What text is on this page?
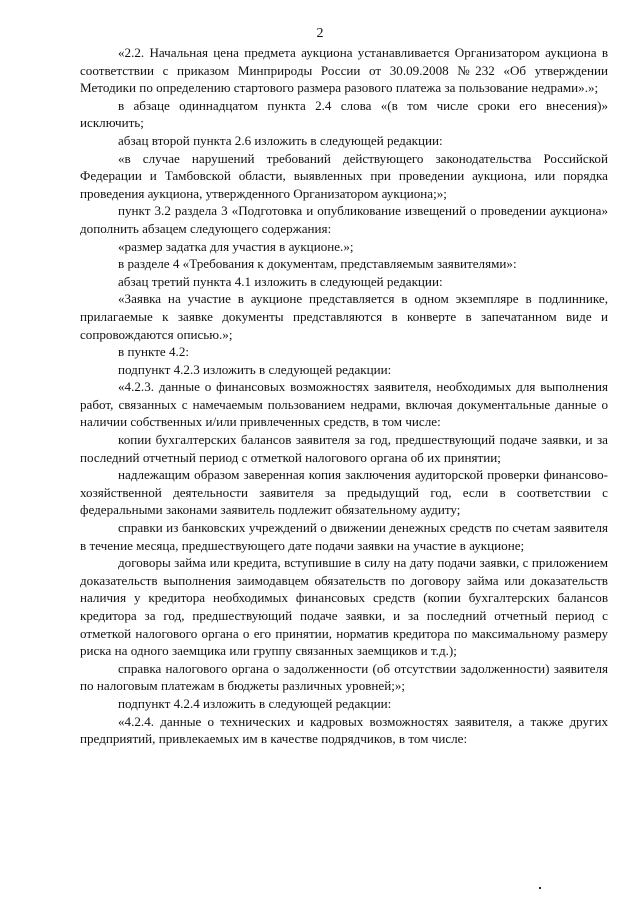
2

«2.2. Начальная цена предмета аукциона устанавливается Организатором аукциона в соответствии с приказом Минприроды России от 30.09.2008 №232 «Об утверждении Методики по определению стартового размера разового платежа за пользование недрами».»;

в абзаце одиннадцатом пункта 2.4 слова «(в том числе сроки его внесения)» исключить;

абзац второй пункта 2.6 изложить в следующей редакции:

«в случае нарушений требований действующего законодательства Российской Федерации и Тамбовской области, выявленных при проведении аукциона, или порядка проведения аукциона, утвержденного Организатором аукциона;»;

пункт 3.2 раздела 3 «Подготовка и опубликование извещений о проведении аукциона» дополнить абзацем следующего содержания:

«размер задатка для участия в аукционе.»;

в разделе 4 «Требования к документам, представляемым заявителями»:

абзац третий пункта 4.1 изложить в следующей редакции:

«Заявка на участие в аукционе представляется в одном экземпляре в подлиннике, прилагаемые к заявке документы представляются в конверте в запечатанном виде и сопровождаются описью.»;

в пункте 4.2:

подпункт 4.2.3 изложить в следующей редакции:

«4.2.3. данные о финансовых возможностях заявителя, необходимых для выполнения работ, связанных с намечаемым пользованием недрами, включая документальные данные о наличии собственных и/или привлеченных средств, в том числе:

копии бухгалтерских балансов заявителя за год, предшествующий подаче заявки, и за последний отчетный период с отметкой налогового органа об их принятии;

надлежащим образом заверенная копия заключения аудиторской проверки финансово-хозяйственной деятельности заявителя за предыдущий год, если в соответствии с федеральными законами заявитель подлежит обязательному аудиту;

справки из банковских учреждений о движении денежных средств по счетам заявителя в течение месяца, предшествующего дате подачи заявки на участие в аукционе;

договоры займа или кредита, вступившие в силу на дату подачи заявки, с приложением доказательств выполнения заимодавцем обязательств по договору займа или доказательств наличия у кредитора необходимых финансовых средств (копии бухгалтерских балансов кредитора за год, предшествующий подаче заявки, и за последний отчетный период с отметкой налогового органа о его принятии, норматив кредитора по максимальному размеру риска на одного заемщика или группу связанных заемщиков и т.д.);

справка налогового органа о задолженности (об отсутствии задолженности) заявителя по налоговым платежам в бюджеты различных уровней;»;

подпункт 4.2.4 изложить в следующей редакции:

«4.2.4. данные о технических и кадровых возможностях заявителя, а также других предприятий, привлекаемых им в качестве подрядчиков, в том числе:
